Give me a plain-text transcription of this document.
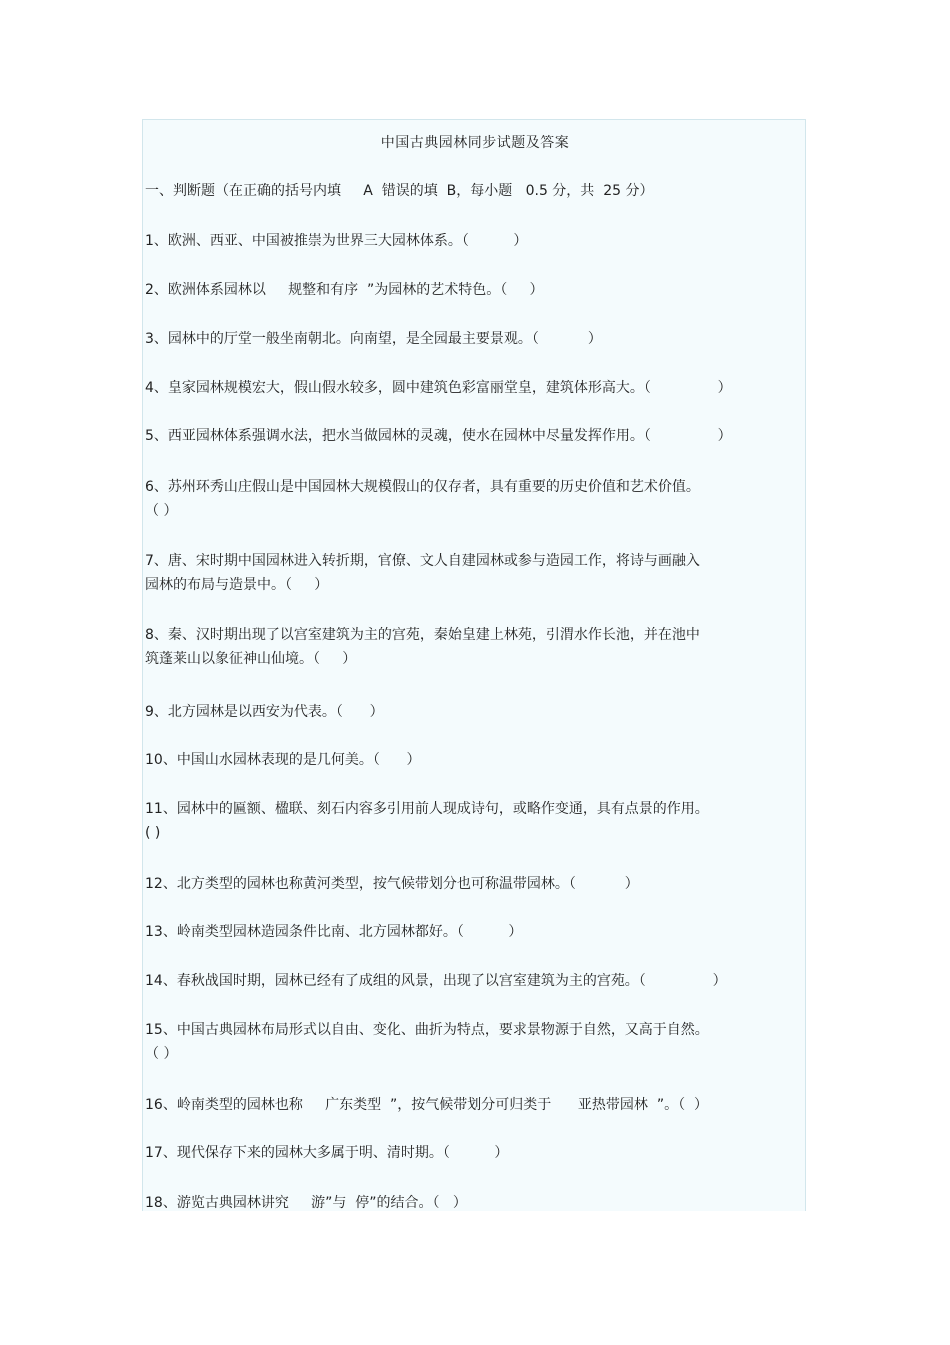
中国古典园林同步试题及答案
一、判断题（在正确的括号内填     A  错误的填  B，每小题   0.5 分，共  25 分）
1、欧洲、西亚、中国被推崇为世界三大园林体系。（          ）
2、欧洲体系园林以     规整和有序  ”为园林的艺术特色。（     ）
3、园林中的厅堂一般坐南朝北。向南望，是全园最主要景观。（           ）
4、皇家园林规模宏大，假山假水较多，圆中建筑色彩富丽堂皇，建筑体形高大。（               ）
5、西亚园林体系强调水法，把水当做园林的灵魂，使水在园林中尽量发挥作用。（               ）
6、苏州环秀山庄假山是中国园林大规模假山的仅存者，具有重要的历史价值和艺术价值。
（ ）
7、唐、宋时期中国园林进入转折期，官僚、文人自建园林或参与造园工作，将诗与画融入
园林的布局与造景中。（     ）
8、秦、汉时期出现了以宫室建筑为主的宫苑，秦始皇建上林苑，引渭水作长池，并在池中
筑蓬莱山以象征神山仙境。（     ）
9、北方园林是以西安为代表。（      ）
10、中国山水园林表现的是几何美。（      ）
11、园林中的匾额、楹联、刻石内容多引用前人现成诗句，或略作变通，具有点景的作用。
( )
12、北方类型的园林也称黄河类型，按气候带划分也可称温带园林。（           ）
13、岭南类型园林造园条件比南、北方园林都好。（          ）
14、春秋战国时期，园林已经有了成组的风景，出现了以宫室建筑为主的宫苑。（               ）
15、中国古典园林布局形式以自由、变化、曲折为特点，要求景物源于自然，又高于自然。
（ ）
16、岭南类型的园林也称     广东类型  ”，按气候带划分可归类于      亚热带园林  ”。（  ）
17、现代保存下来的园林大多属于明、清时期。（          ）
18、游览古典园林讲究     游”与  停”的结合。（   ）
